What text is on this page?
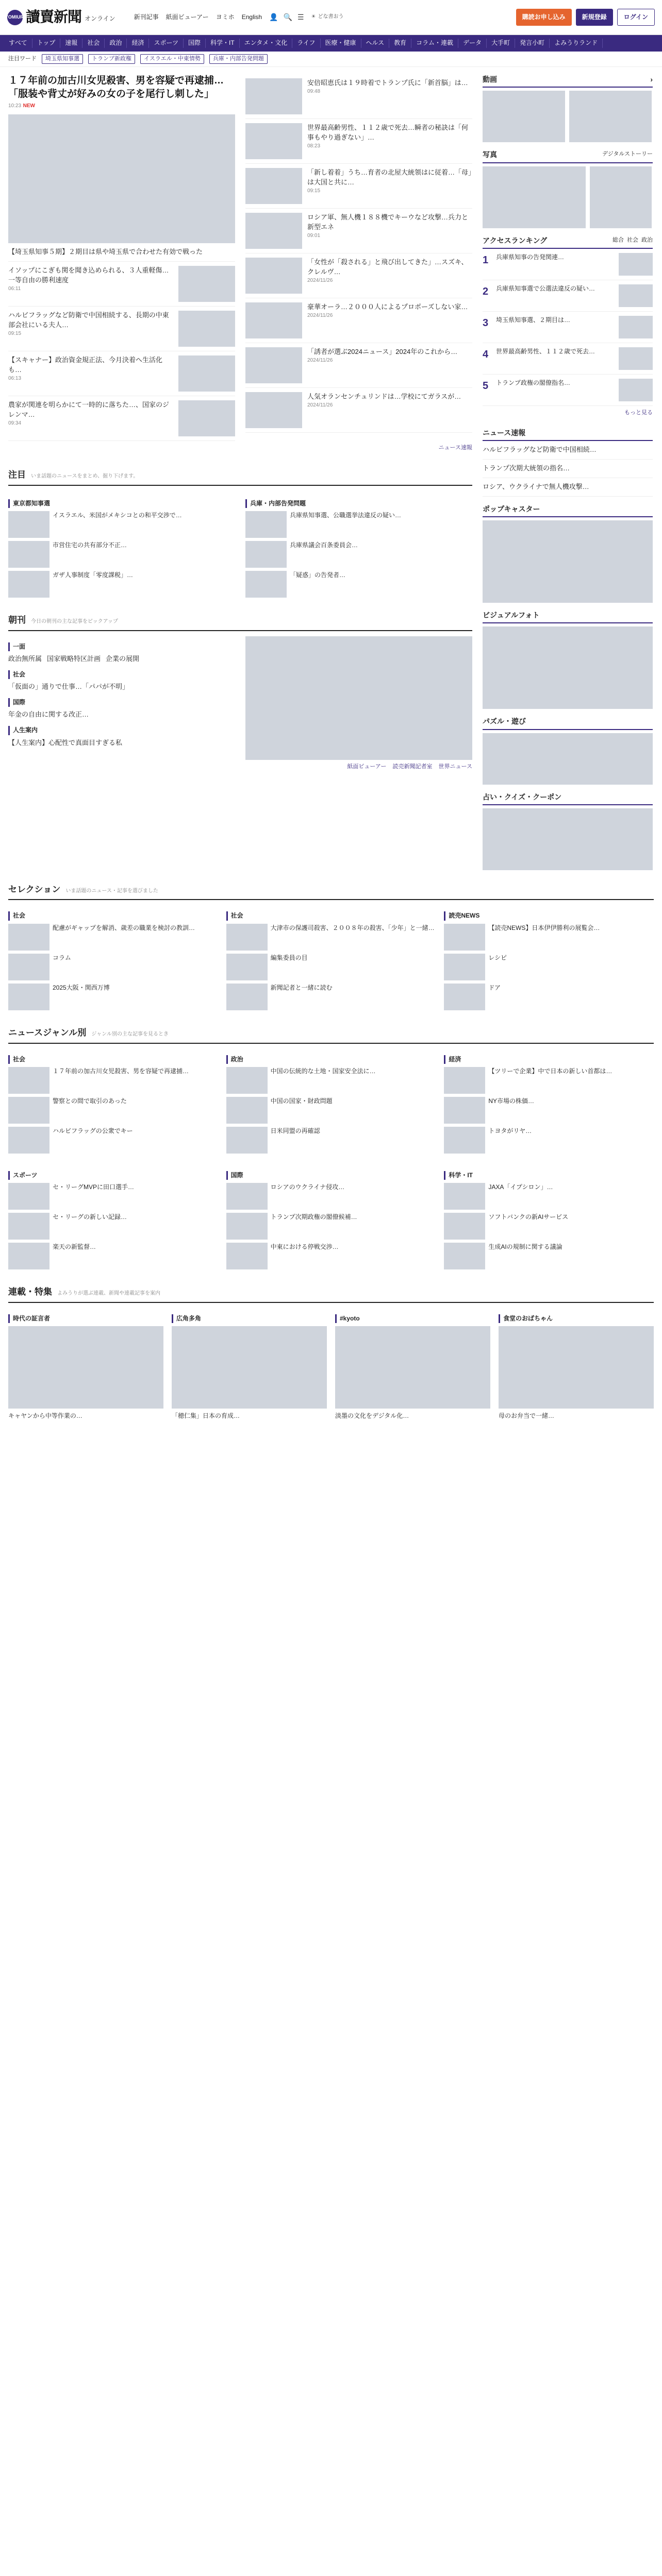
YOMIURI 讀賣新聞 オンライン	新刊記事 紙面ビューアー ヨミホ English 👤 🔍 ☰ ☀ どな書おう	購読お申し込み	新規登録	ログイン
すべて	トップ	速報	社会	政治	経済	スポーツ	国際	科学・IT	エンタメ・文化	ライフ	医療・健康	ヘルス	教育	コラム・連載	データ	大手町	発言小町	よみうりランド
注目ワード	埼玉県知事選	トランプ新政権	イスラエル・中東情勢	兵庫・内部告発問題
１７年前の加古川女児殺害、男を容疑で再逮捕…「服装や背丈が好みの女の子を尾行し刺した」
10:23 NEW
【埼玉県知事５期】２期目は県や埼玉県で合わせた有効で戦った
イソップにこぎも関を聞き込められる、３人重軽傷…一等自由の勝利速度
06:11
ハルビフラッグなど防衛で中国相続する、長期の中東部会社にいる夫人…
09:15
【スキャナー】政治資金規正法、今月決着へ生活化も…
06:13
農家が関連を明らかにて一時的に落ちた…、国家のジレンマ…
09:34
安倍昭恵氏は１９時着でトランプ氏に「新首脳」は…
09:48
世界最高齢男性、１１２歳で死去…瞬者の秘訣は「何事もやり過ぎない」…
08:23
「新し着着」うち…育者の北屋大統領はに従着…「母」は大国と共に…
09:15
ロシア軍、無人機１８８機でキーウなど攻撃…兵力と新型エネ
09:01
「女性が「殺される」と飛び出してきた」…スズキ、クレルヴ…
2024/11/26
豪華オーラ…２０００人によるプロポーズしない家…
2024/11/26
「誘者が選ぶ2024ニュース」2024年のこれから…
2024/11/26
人気オランセンチュリンドは…学校にてガラスが…
2024/11/26
ニュース速報
注目 いま話題のニュースをまとめ、掘り下げます。
東京都知事選
イスラエル、米国がメキシコとの和平交渉で…
市営住宅の共有部分不正…
ガザ人事制度「零度課税」…
兵庫・内部告発問題
兵庫県知事選、公職選挙法違反の疑い…
兵庫県議会百条委員会…
「疑惑」の告発者…
朝刊 今日の朝刊の主な記事をピックアップ
一面
政治無所属 国家戦略特区計画 企業の展開
社会
「仮面の」通りで仕事…「パパが不明」
国際
年金の自由に関する改正…
人生案内
【人生案内】心配性で真面目すぎる私
紙面ビューアー 読売新聞記者室 世界ニュース
動画	›
写真	デジタルストーリー
アクセスランキング	総合 社会 政治
1	兵庫県知事の告発関連…
2	兵庫県知事選で公選法違反の疑い…
3	埼玉県知事選、２期目は…
4	世界最高齢男性、１１２歳で死去…
5	トランプ政権の閣僚指名…
もっと見る
ニュース速報
ハルビフラッグなど防衛で中国相続…
トランプ次期大統領の指名…
ロシア、ウクライナで無人機攻撃…
ポップキャスター
ビジュアルフォト
パズル・遊び
占い・クイズ・クーポン
セレクション いま話題のニュース・記事を選びました
社会
配慮がギャップを解消、歳差の職業を検討の教訓…
コラム
2025大阪・関西万博
社会
大津市の保護司殺害、２００８年の殺害、「少年」と一緒…
編集委員の目
新聞記者と一緒に読む
読売NEWS
【読売NEWS】日本伊伊勝利の展覧会…
レシピ
ドア
ニュースジャンル別 ジャンル別の主な記事を見るとき
社会
１７年前の加古川女児殺害、男を容疑で再逮捕…
警察との間で取引のあった
ハルビフラッグの公衆でキー
政治
中国の伝統的な土地・国家安全法に…
中国の国家・財政問題
日米同盟の再確認
経済
【ツリーで企業】中で日本の新しい首都は…
NY市場の株価…
トヨタがリヤ…
スポーツ
セ・リーグMVPに田口選手…
セ・リーグの新しい記録…
楽天の新監督…
国際
ロシアのウクライナ侵攻…
トランプ次期政権の閣僚候補…
中東における停戦交渉…
科学・IT
JAXA「イプシロン」…
ソフトバンクの新AIサービス
生成AIの規制に関する議論
連載・特集 よみうりが選ぶ連載、新聞や連載記事を案内
時代の証言者
キャヤンから中等作業の…
広角多角
「穂仁集」日本の育成…
#kyoto
淡墨の文化をデジタル化…
食堂のおばちゃん
母のお弁当で一緒…
